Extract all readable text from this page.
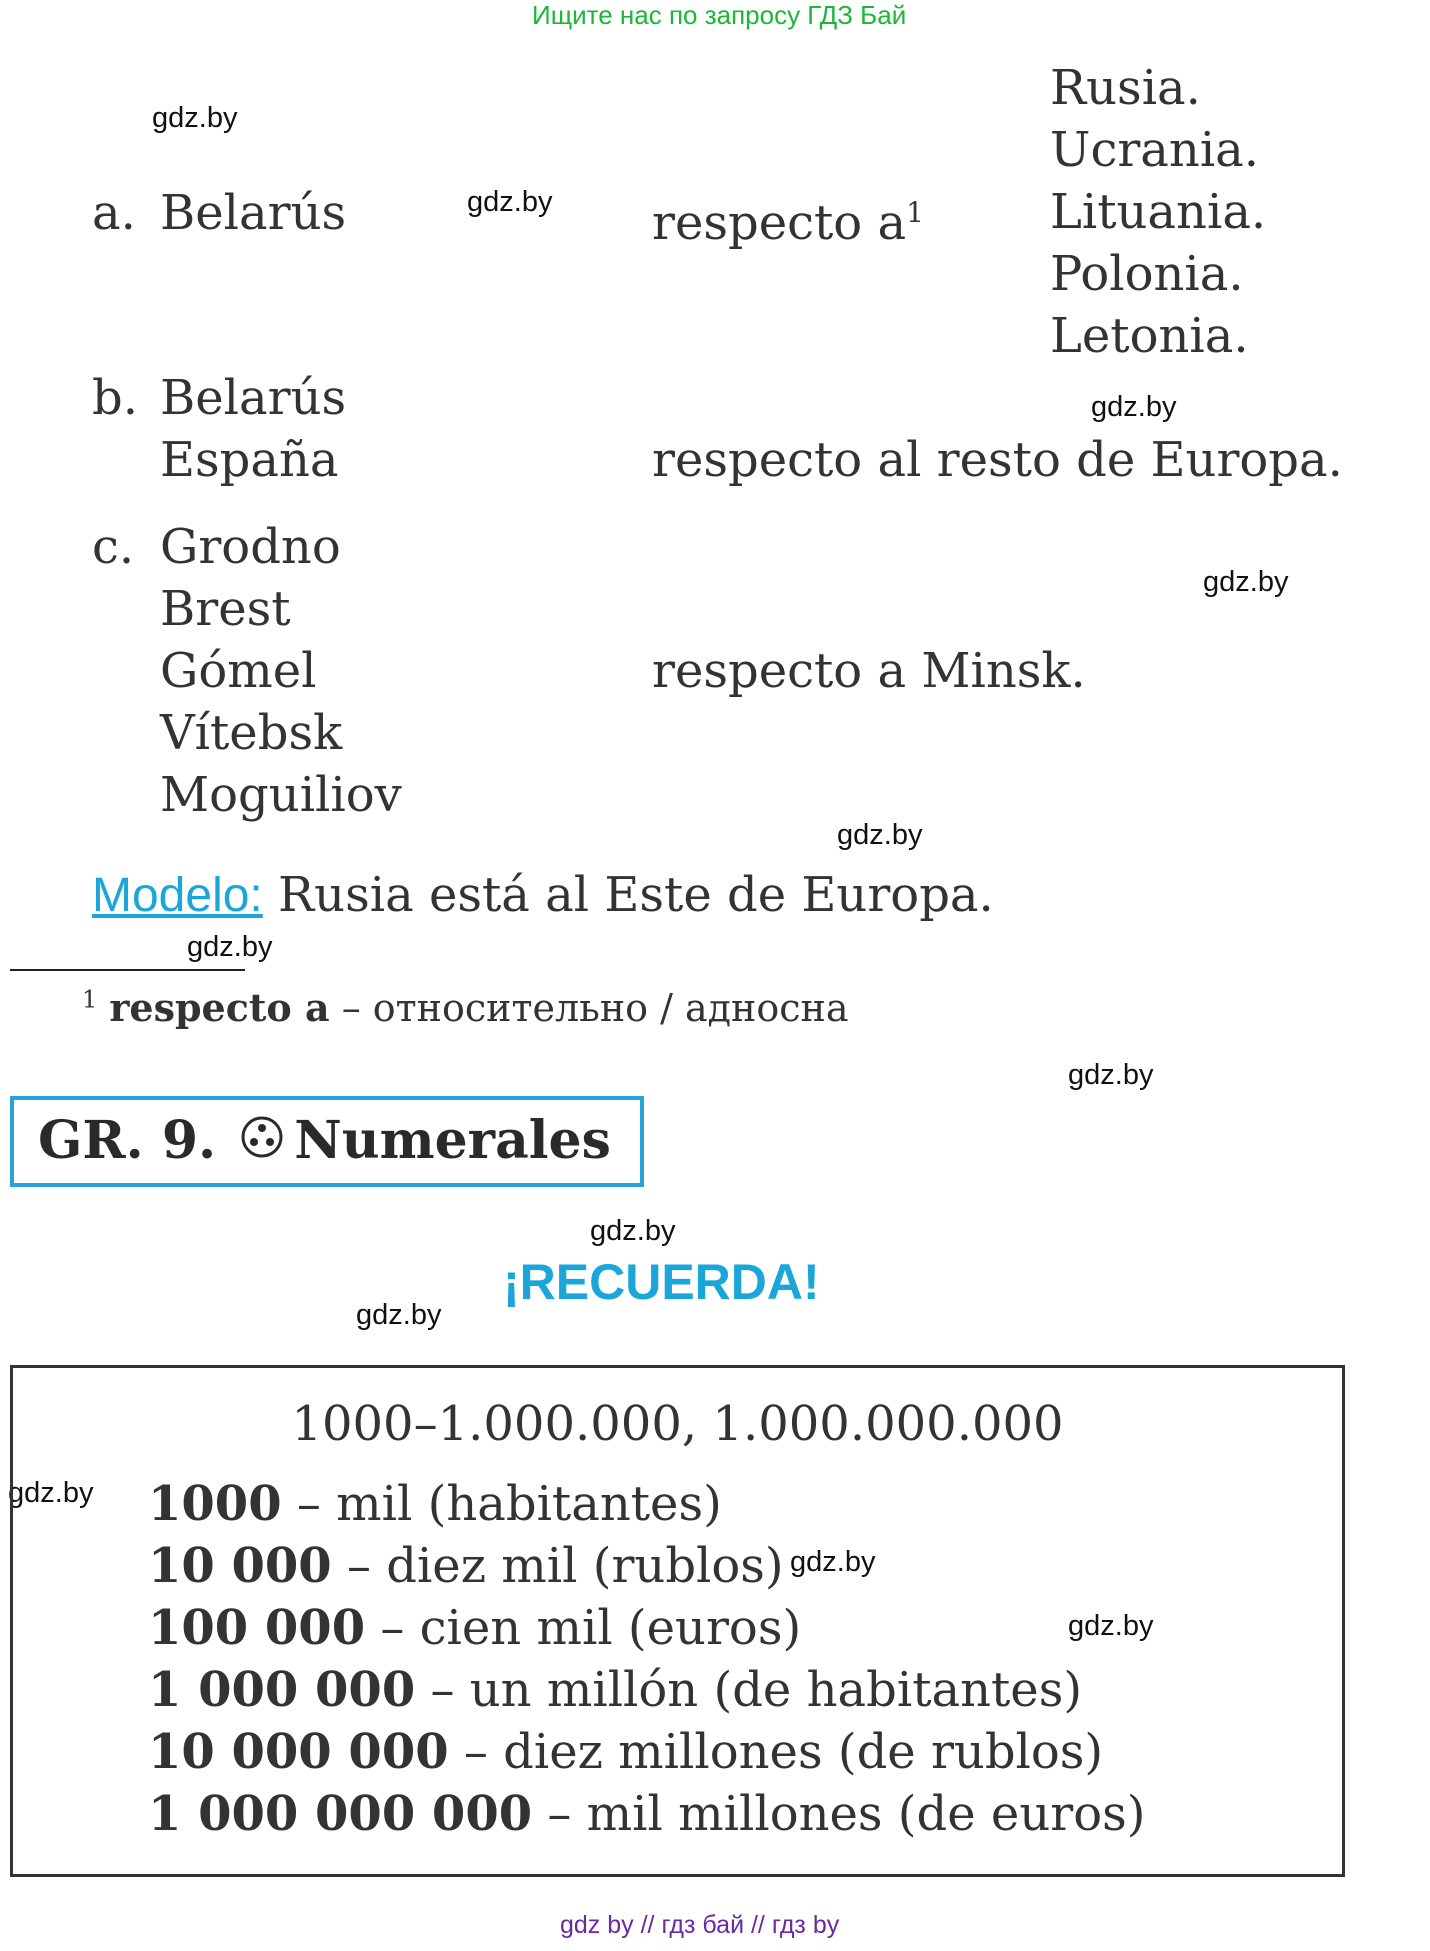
Ищите нас по запросу ГДЗ Бай
gdz.by
gdz.by
gdz.by
gdz.by
gdz.by
gdz.by
gdz.by
gdz.by
gdz.by
gdz.by
gdz.by
gdz.by
a. Belarús	respecto $a^1$
Rusia.
Ucrania.
Lituania.
Polonia.
Letonia.
b. Belarús
España	respecto al resto de Europa.
c. Grodno
Brest
Gómel
Vítebsk
Moguiliov
respecto a Minsk.
Modelo: Rusia está al Este de Europa.
$^1$ respecto a – относительно / адносна
GR. 9. Numerales
¡RECUERDA!
1000–1.000.000, 1.000.000.000
1000 – mil (habitantes)
10 000 – diez mil (rublos)
100 000 – cien mil (euros)
1 000 000 – un millón (de habitantes)
10 000 000 – diez millones (de rublos)
1 000 000 000 – mil millones (de euros)
gdz by // гдз бай // гдз by
